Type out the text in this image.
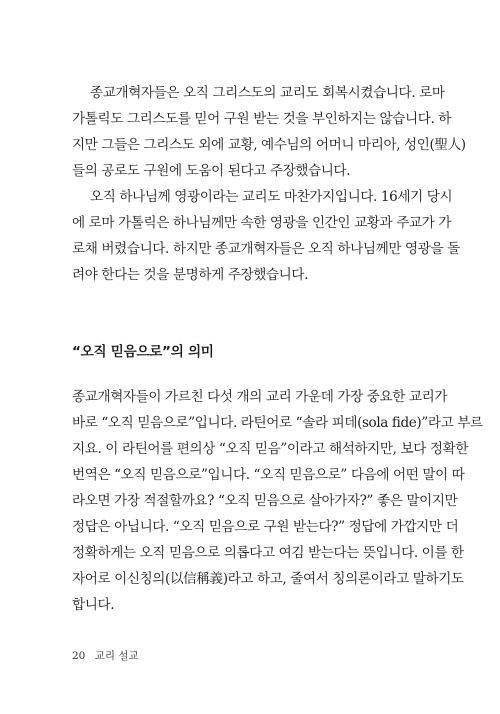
종교개혁자들은 오직 그리스도의 교리도 회복시켰습니다. 로마
가톨릭도 그리스도를 믿어 구원 받는 것을 부인하지는 않습니다. 하
지만 그들은 그리스도 외에 교황, 예수님의 어머니 마리아, 성인(聖人)
들의 공로도 구원에 도움이 된다고 주장했습니다.
오직 하나님께 영광이라는 교리도 마찬가지입니다. 16세기 당시
에 로마 가톨릭은 하나님께만 속한 영광을 인간인 교황과 주교가 가
로채 버렸습니다. 하지만 종교개혁자들은 오직 하나님께만 영광을 돌
려야 한다는 것을 분명하게 주장했습니다.
“오직 믿음으로”의 의미
종교개혁자들이 가르친 다섯 개의 교리 가운데 가장 중요한 교리가
바로 “오직 믿음으로”입니다. 라틴어로 “솔라 피데(sola fide)”라고 부르
지요. 이 라틴어를 편의상 “오직 믿음”이라고 해석하지만, 보다 정확한
번역은 “오직 믿음으로”입니다. “오직 믿음으로” 다음에 어떤 말이 따
라오면 가장 적절할까요? “오직 믿음으로 살아가자?” 좋은 말이지만
정답은 아닙니다. “오직 믿음으로 구원 받는다?” 정답에 가깝지만 더
정확하게는 오직 믿음으로 의롭다고 여김 받는다는 뜻입니다. 이를 한
자어로 이신칭의(以信稱義)라고 하고, 줄여서 칭의론이라고 말하기도
합니다.
20 교리 설교
